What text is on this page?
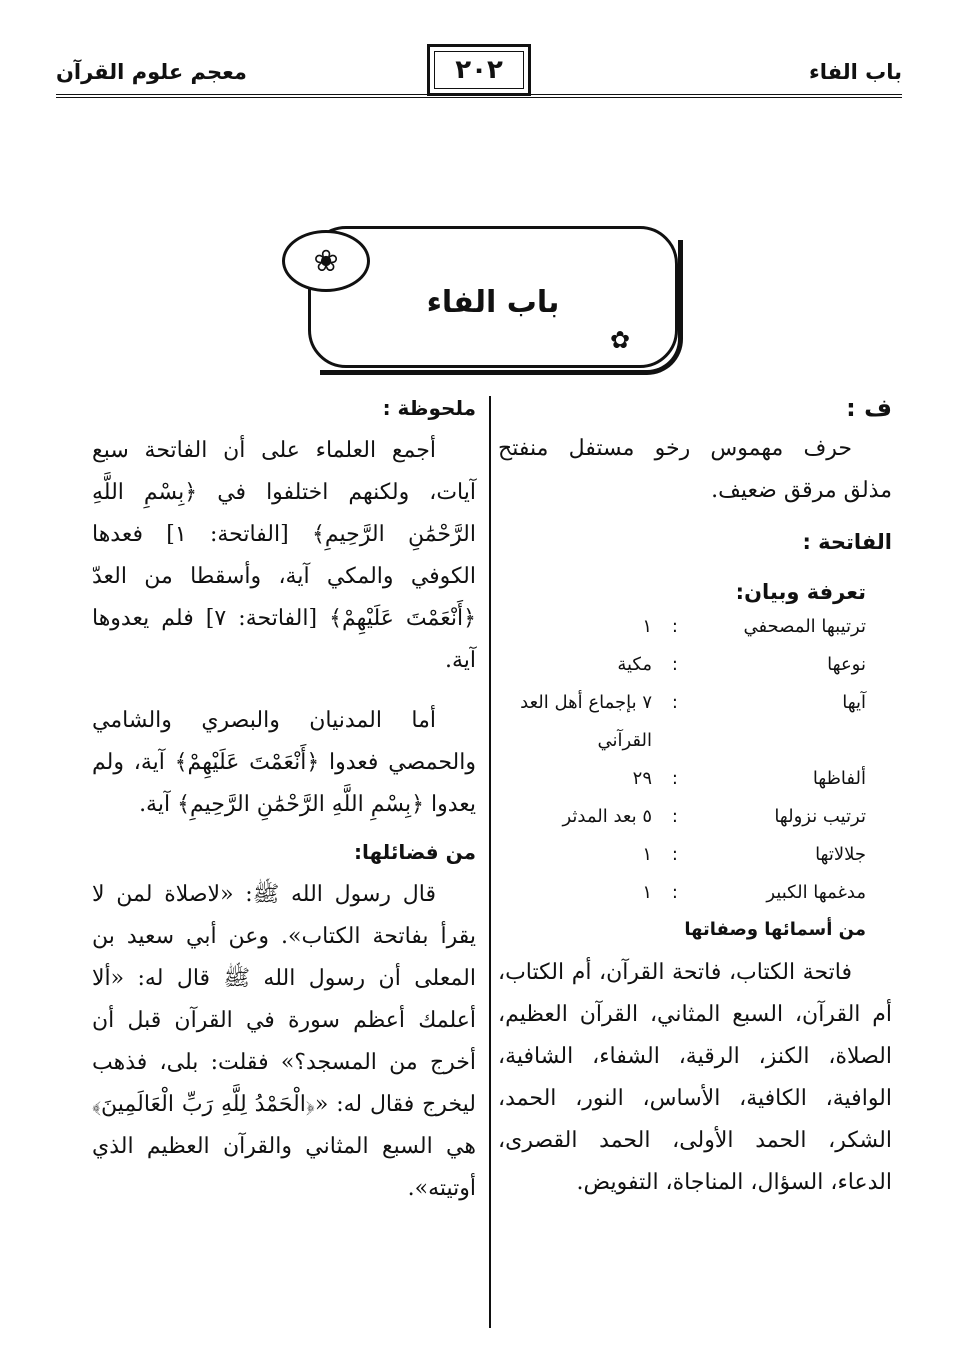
باب الفاء
معجم علوم القرآن	٢٠٢
باب الفاء
❀
✿
ف :

حرف مهموس رخو مستفل منفتح مذلق مرقق ضعيف.

الفاتحة :
تعرفة وبيان:
ترتيبها المصحفي
:
١
نوعها
:
مكية
آيها
:
٧ بإجماع أهل العد
القرآني
ألفاظها
:
٢٩
ترتيب نزولها
:
٥ بعد المدثر
جلالاتها
:
١
مدغمها الكبير
:
١
من أسمائها وصفاتها

فاتحة الكتاب، فاتحة القرآن، أم الكتاب، أم القرآن، السبع المثاني، القرآن العظيم، الصلاة، الكنز، الرقية، الشفاء، الشافية، الوافية، الكافية، الأساس، النور، الحمد، الشكر، الحمد الأولى، الحمد القصرى، الدعاء، السؤال، المناجاة، التفويض.

ملحوظة :

أجمع العلماء على أن الفاتحة سبع آيات، ولكنهم اختلفوا في ﴿بِسْمِ اللَّهِ الرَّحْمَٰنِ الرَّحِيمِ﴾ [الفاتحة: ١] فعدها الكوفي والمكي آية، وأسقطا من العدّ ﴿أَنْعَمْتَ عَلَيْهِمْ﴾ [الفاتحة: ٧] فلم يعدوها آية.

أما المدنيان والبصري والشامي والحمصي فعدوا ﴿أَنْعَمْتَ عَلَيْهِمْ﴾ آية، ولم يعدوا ﴿بِسْمِ اللَّهِ الرَّحْمَٰنِ الرَّحِيمِ﴾ آية.

من فضائلها:

قال رسول الله ﷺ: «لاصلاة لمن لا يقرأ بفاتحة الكتاب». وعن أبي سعيد بن المعلى أن رسول الله ﷺ قال له: «ألا أعلمك أعظم سورة في القرآن قبل أن أخرج من المسجد؟» فقلت: بلى، فذهب ليخرج فقال له: «﴿الْحَمْدُ لِلَّهِ رَبِّ الْعَالَمِينَ﴾ هي السبع المثاني والقرآن العظيم الذي أوتيته».
